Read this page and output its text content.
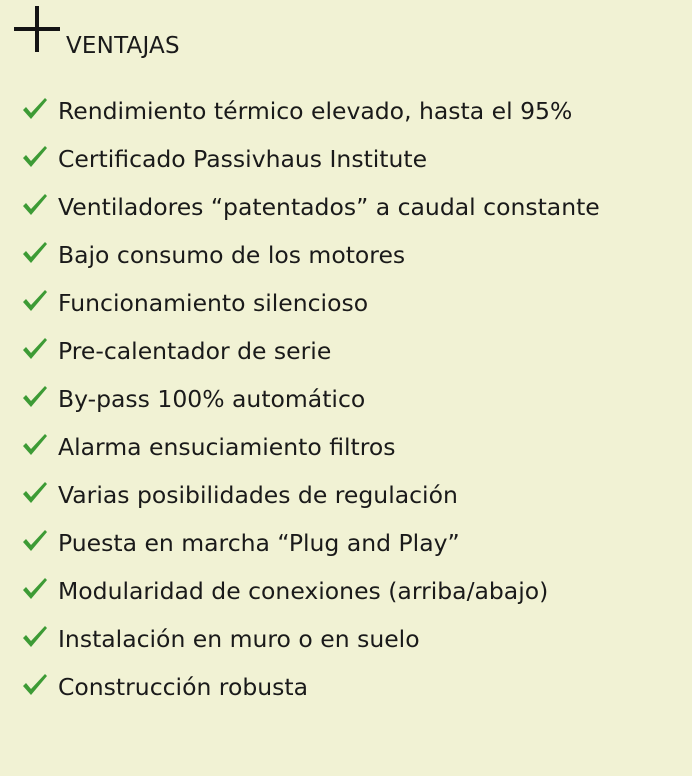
VENTAJAS
Rendimiento térmico elevado, hasta el 95%
Certificado Passivhaus Institute
Ventiladores “patentados” a caudal constante
Bajo consumo de los motores
Funcionamiento silencioso
Pre-calentador de serie
By-pass 100% automático
Alarma ensuciamiento filtros
Varias posibilidades de regulación
Puesta en marcha “Plug and Play”
Modularidad de conexiones (arriba/abajo)
Instalación en muro o en suelo
Construcción robusta
